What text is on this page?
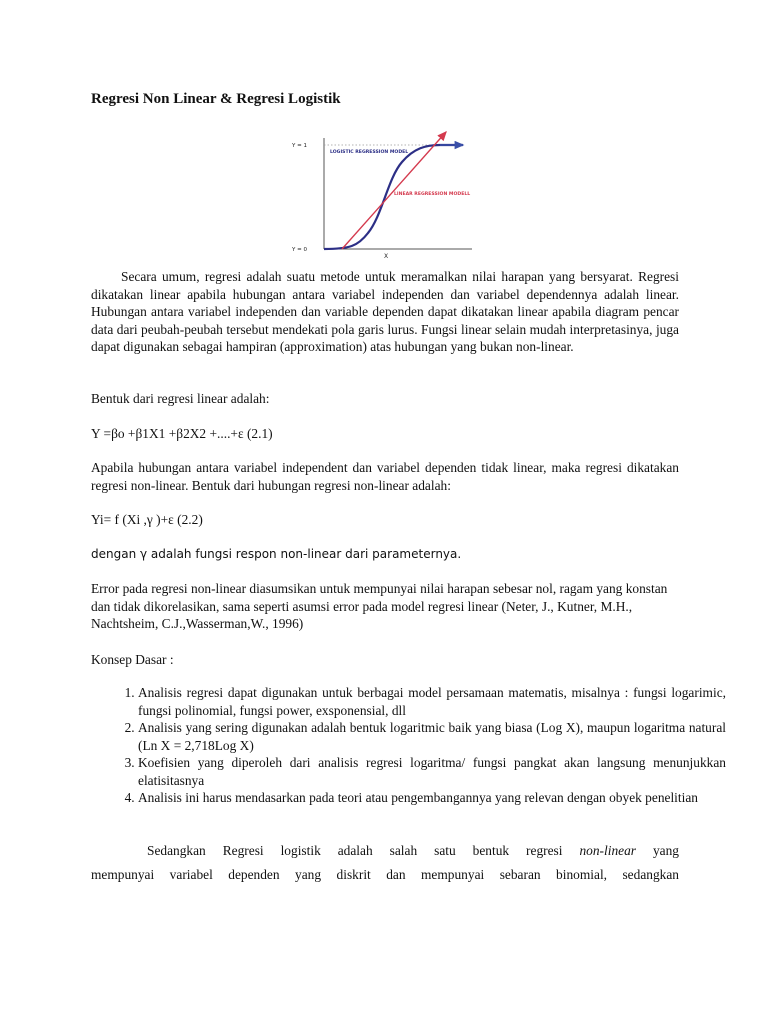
Regresi Non Linear & Regresi Logistik
Y = 1
Y = 0
X
LOGISTIC REGRESSION MODEL
LINEAR REGRESSION MODELL

Secara umum, regresi adalah suatu metode untuk meramalkan nilai harapan yang bersyarat. Regresi dikatakan linear apabila hubungan antara variabel independen dan variabel dependennya adalah linear. Hubungan antara variabel independen dan variable dependen dapat dikatakan linear apabila diagram pencar data dari peubah-peubah tersebut mendekati pola garis lurus. Fungsi linear selain mudah interpretasinya, juga dapat digunakan sebagai hampiran (approximation) atas hubungan yang bukan non-linear.

Bentuk dari regresi linear adalah:

Y =βo +β1X1 +β2X2 +....+ε (2.1)

Apabila hubungan antara variabel independent dan variabel dependen tidak linear, maka regresi dikatakan regresi non-linear. Bentuk dari hubungan regresi non-linear adalah:

Yi= f (Xi ,γ )+ε (2.2)

dengan γ adalah fungsi respon non-linear dari parameternya.

Error pada regresi non-linear diasumsikan untuk mempunyai nilai harapan sebesar nol, ragam yang konstan dan tidak dikorelasikan, sama seperti asumsi error pada model regresi linear (Neter, J., Kutner, M.H., Nachtsheim, C.J.,Wasserman,W., 1996)

Konsep Dasar :

1. Analisis regresi dapat digunakan untuk berbagai model persamaan matematis, misalnya : fungsi logarimic, fungsi polinomial, fungsi power, exsponensial, dll
2. Analisis yang sering digunakan adalah bentuk logaritmic baik yang biasa (Log X), maupun logaritma natural (Ln X = 2,718Log X)
3. Koefisien yang diperoleh dari analisis regresi logaritma/ fungsi pangkat akan langsung menunjukkan elatisitasnya
4. Analisis ini harus mendasarkan pada teori atau pengembangannya yang relevan dengan obyek penelitian

Sedangkan Regresi logistik adalah salah satu bentuk regresi non-linear yang

mempunyai variabel dependen yang diskrit dan mempunyai sebaran binomial, sedangkan
